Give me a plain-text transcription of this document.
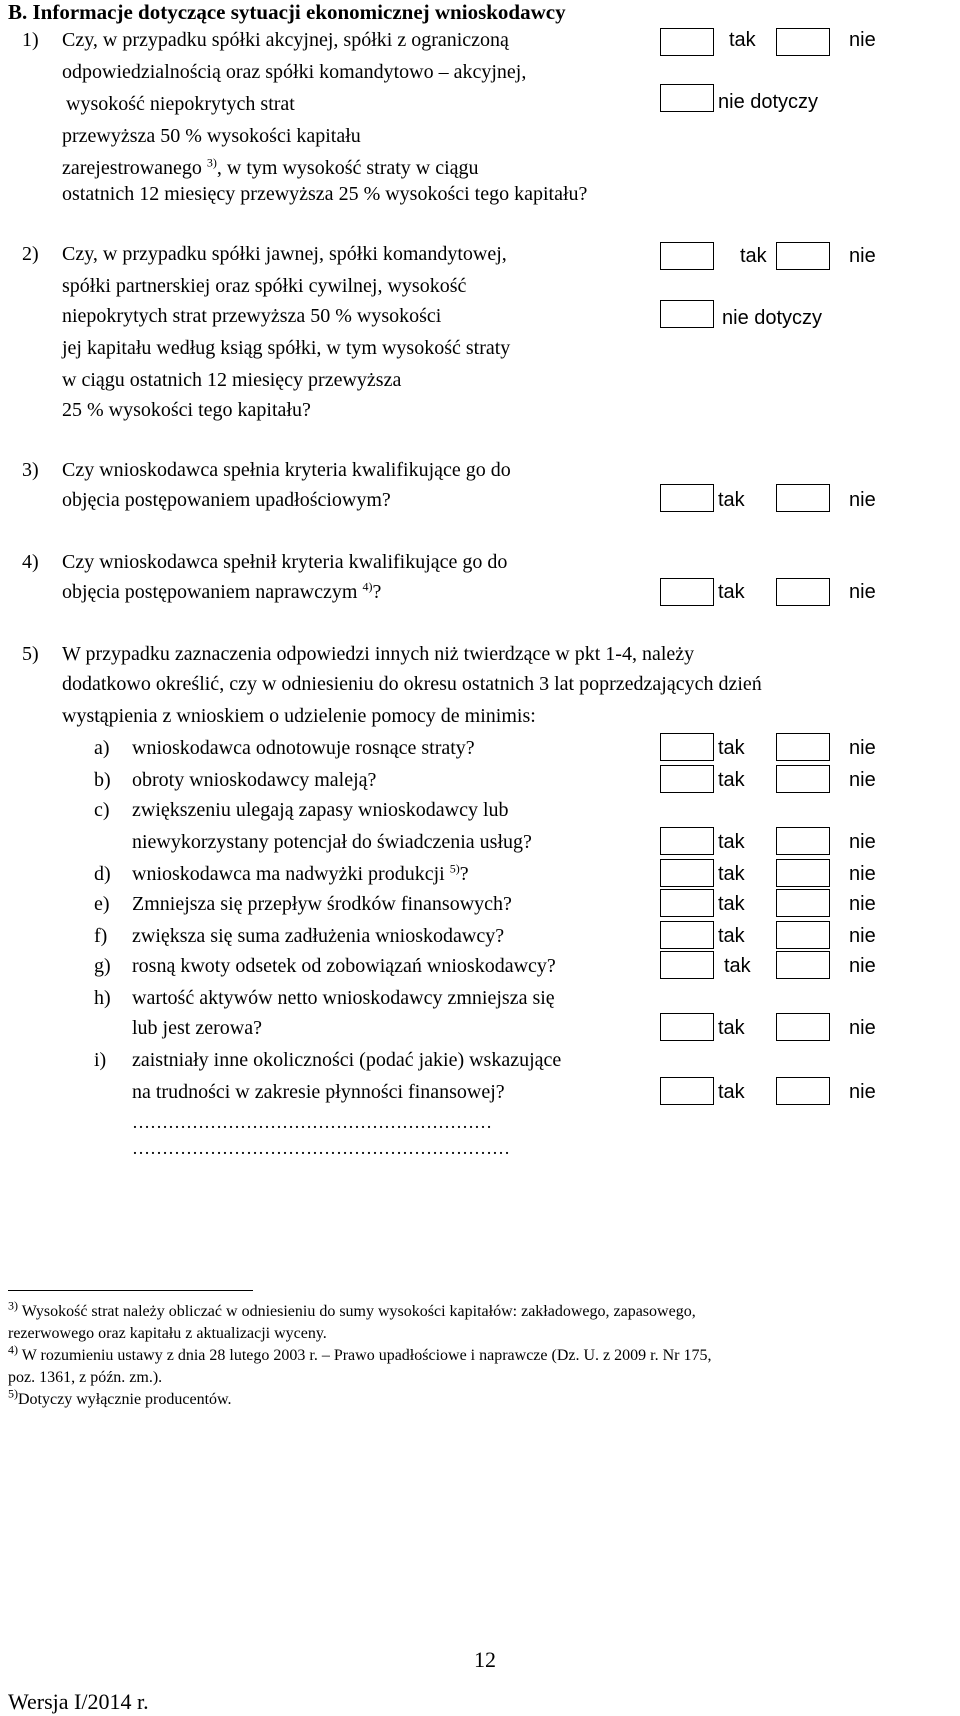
B. Informacje dotyczące sytuacji ekonomicznej wnioskodawcy
1) Czy, w przypadku spółki akcyjnej, spółki z ograniczoną
odpowiedzialnością oraz spółki komandytowo – akcyjnej,
wysokość niepokrytych strat
przewyższa 50 % wysokości kapitału
zarejestrowanego $^{3)}$, w tym wysokość straty w ciągu
ostatnich 12 miesięcy przewyższa 25 % wysokości tego kapitału?
tak	nie
nie dotyczy
2) Czy, w przypadku spółki jawnej, spółki komandytowej,
spółki partnerskiej oraz spółki cywilnej, wysokość
niepokrytych strat przewyższa 50 % wysokości
jej kapitału według ksiąg spółki, w tym wysokość straty
w ciągu ostatnich 12 miesięcy przewyższa
25 % wysokości tego kapitału?
tak	nie
nie dotyczy
3) Czy wnioskodawca spełnia kryteria kwalifikujące go do
objęcia postępowaniem upadłościowym?	tak	nie
4) Czy wnioskodawca spełnił kryteria kwalifikujące go do
objęcia postępowaniem naprawczym $^{4)}$?	tak	nie
5) W przypadku zaznaczenia odpowiedzi innych niż twierdzące w pkt 1-4, należy
dodatkowo określić, czy w odniesieniu do okresu ostatnich 3 lat poprzedzających dzień
wystąpienia z wnioskiem o udzielenie pomocy de minimis:
a) wnioskodawca odnotowuje rosnące straty?	tak	nie
b) obroty wnioskodawcy maleją?	tak	nie
c) zwiększeniu ulegają zapasy wnioskodawcy lub
niewykorzystany potencjał do świadczenia usług?	tak	nie
d) wnioskodawca ma nadwyżki produkcji $^{5)}$?	tak	nie
e) Zmniejsza się przepływ środków finansowych?	tak	nie
f) zwiększa się suma zadłużenia wnioskodawcy?	tak	nie
g) rosną kwoty odsetek od zobowiązań wnioskodawcy?	tak	nie
h) wartość aktywów netto wnioskodawcy zmniejsza się
lub jest zerowa?	tak	nie
i) zaistniały inne okoliczności (podać jakie) wskazujące
na trudności w zakresie płynności finansowej?	tak	nie
……………………………………………………
………………………………………………………
$^{3)}$ Wysokość strat należy obliczać w odniesieniu do sumy wysokości kapitałów: zakładowego, zapasowego,
rezerwowego oraz kapitału z aktualizacji wyceny.
$^{4)}$ W rozumieniu ustawy z dnia 28 lutego 2003 r. – Prawo upadłościowe i naprawcze (Dz. U. z 2009 r. Nr 175,
poz. 1361, z późn. zm.).
$^{5)}$Dotyczy wyłącznie producentów.
12
Wersja I/2014 r.
